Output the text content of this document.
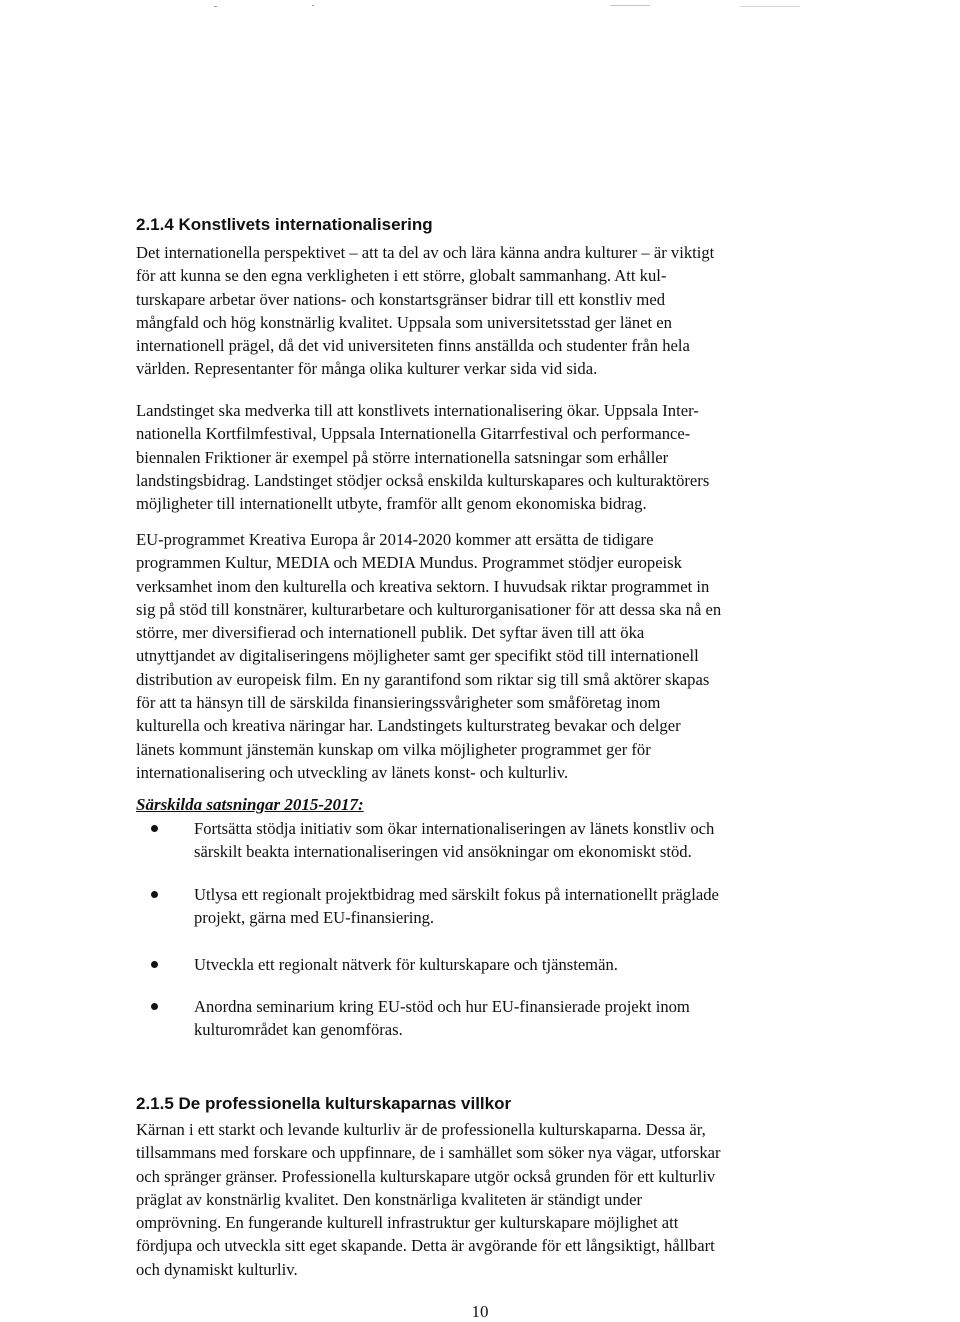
2.1.4 Konstlivets internationalisering
Det internationella perspektivet – att ta del av och lära känna andra kulturer – är viktigt
för att kunna se den egna verkligheten i ett större, globalt sammanhang. Att kul-
turskapare arbetar över nations- och konstartsgränser bidrar till ett konstliv med
mångfald och hög konstnärlig kvalitet. Uppsala som universitetsstad ger länet en
internationell prägel, då det vid universiteten finns anställda och studenter från hela
världen. Representanter för många olika kulturer verkar sida vid sida.
Landstinget ska medverka till att konstlivets internationalisering ökar. Uppsala Inter-
nationella Kortfilmfestival, Uppsala Internationella Gitarrfestival och performance-
biennalen Friktioner är exempel på större internationella satsningar som erhåller
landstingsbidrag. Landstinget stödjer också enskilda kulturskapares och kulturaktörers
möjligheter till internationellt utbyte, framför allt genom ekonomiska bidrag.
EU-programmet Kreativa Europa år 2014-2020 kommer att ersätta de tidigare
programmen Kultur, MEDIA och MEDIA Mundus. Programmet stödjer europeisk
verksamhet inom den kulturella och kreativa sektorn. I huvudsak riktar programmet in
sig på stöd till konstnärer, kulturarbetare och kulturorganisationer för att dessa ska nå en
större, mer diversifierad och internationell publik. Det syftar även till att öka
utnyttjandet av digitaliseringens möjligheter samt ger specifikt stöd till internationell
distribution av europeisk film. En ny garantifond som riktar sig till små aktörer skapas
för att ta hänsyn till de särskilda finansieringssvårigheter som småföretag inom
kulturella och kreativa näringar har. Landstingets kulturstrateg bevakar och delger
länets kommunt jänstemän kunskap om vilka möjligheter programmet ger för
internationalisering och utveckling av länets konst- och kulturliv.
Särskilda satsningar 2015-2017:
Fortsätta stödja initiativ som ökar internationaliseringen av länets konstliv och
särskilt beakta internationaliseringen vid ansökningar om ekonomiskt stöd.
Utlysa ett regionalt projektbidrag med särskilt fokus på internationellt präglade
projekt, gärna med EU-finansiering.
Utveckla ett regionalt nätverk för kulturskapare och tjänstemän.
Anordna seminarium kring EU-stöd och hur EU-finansierade projekt inom
kulturområdet kan genomföras.
2.1.5 De professionella kulturskaparnas villkor
Kärnan i ett starkt och levande kulturliv är de professionella kulturskaparna. Dessa är,
tillsammans med forskare och uppfinnare, de i samhället som söker nya vägar, utforskar
och spränger gränser. Professionella kulturskapare utgör också grunden för ett kulturliv
präglat av konstnärlig kvalitet. Den konstnärliga kvaliteten är ständigt under
omprövning. En fungerande kulturell infrastruktur ger kulturskapare möjlighet att
fördjupa och utveckla sitt eget skapande. Detta är avgörande för ett långsiktigt, hållbart
och dynamiskt kulturliv.
10
